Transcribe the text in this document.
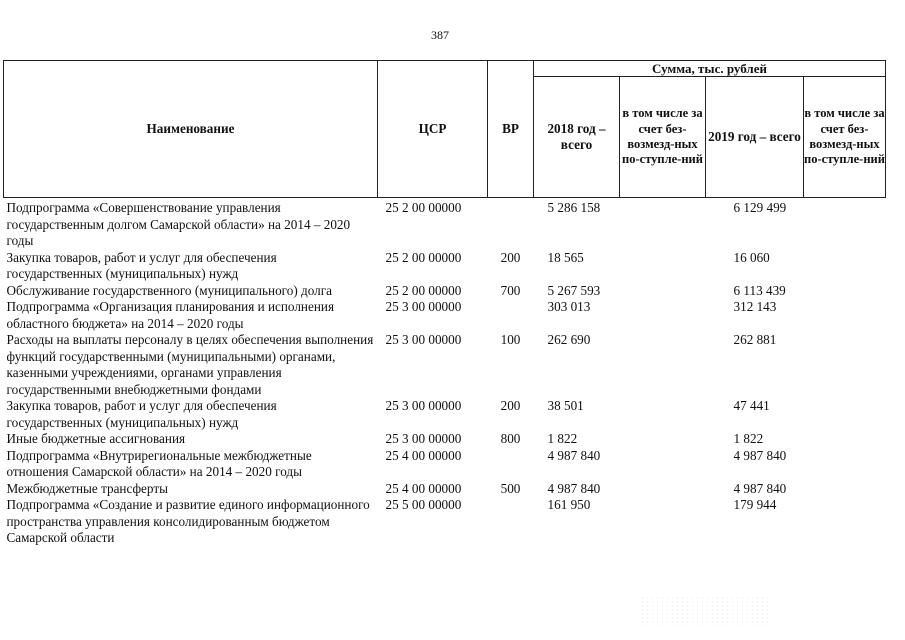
387
Наименование	ЦСР	ВР	Сумма, тыс. рублей			
			2018 год – всего	в том числе за счет без-возмезд-ных по-ступле-ний	2019 год – всего	в том числе за счет без-возмезд-ных по-ступле-ний
Подпрограмма «Совершенствование управления государственным долгом Самарской области» на 2014 – 2020 годы	25 2 00 00000		5 286 158		6 129 499	
Закупка товаров, работ и услуг для обеспечения государственных (муниципальных) нужд	25 2 00 00000	200	18 565		16 060	
Обслуживание государственного (муниципального) долга	25 2 00 00000	700	5 267 593		6 113 439	
Подпрограмма «Организация планирования и исполнения областного бюджета» на 2014 – 2020 годы	25 3 00 00000		303 013		312 143	
Расходы на выплаты персоналу в целях обеспечения выполнения функций государственными (муниципальными) органами, казенными учреждениями, органами управления государственными внебюджетными фондами	25 3 00 00000	100	262 690		262 881	
Закупка товаров, работ и услуг для обеспечения государственных (муниципальных) нужд	25 3 00 00000	200	38 501		47 441	
Иные бюджетные ассигнования	25 3 00 00000	800	1 822		1 822	
Подпрограмма «Внутрирегиональные межбюджетные отношения Самарской области» на 2014 – 2020 годы	25 4 00 00000		4 987 840		4 987 840	
Межбюджетные трансферты	25 4 00 00000	500	4 987 840		4 987 840	
Подпрограмма «Создание и развитие единого информационного пространства управления консолидированным бюджетом Самарской области	25 5 00 00000		161 950		179 944	
